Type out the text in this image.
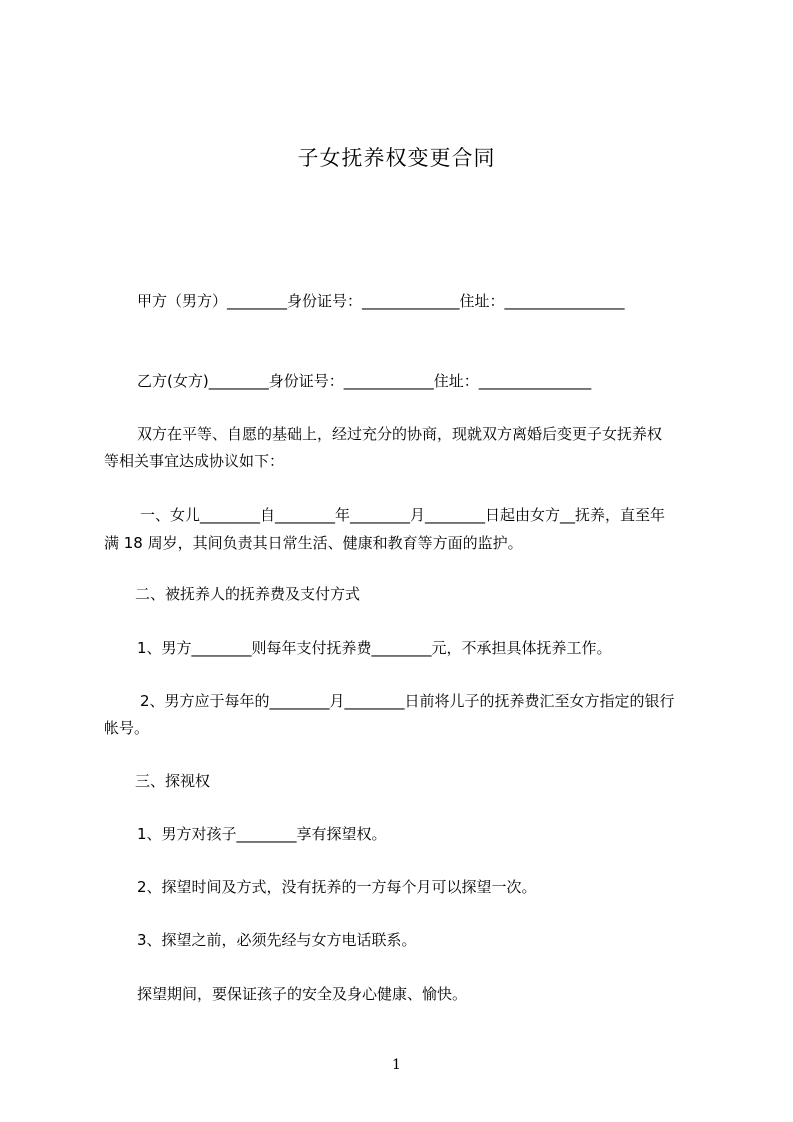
子女抚养权变更合同

甲方（男方）________身份证号：_____________住址：________________

乙方(女方)________身份证号：____________住址：_______________

双方在平等、自愿的基础上，经过充分的协商，现就双方离婚后变更子女抚养权

等相关事宜达成协议如下：

一、女儿________自________年________月________日起由女方__抚养，直至年

满 18 周岁，其间负责其日常生活、健康和教育等方面的监护。

二、被抚养人的抚养费及支付方式

1、男方________则每年支付抚养费________元，不承担具体抚养工作。

2、男方应于每年的________月________日前将儿子的抚养费汇至女方指定的银行

帐号。

三、探视权

1、男方对孩子________享有探望权。

2、探望时间及方式，没有抚养的一方每个月可以探望一次。

3、探望之前，必须先经与女方电话联系。

探望期间，要保证孩子的安全及身心健康、愉快。

1
